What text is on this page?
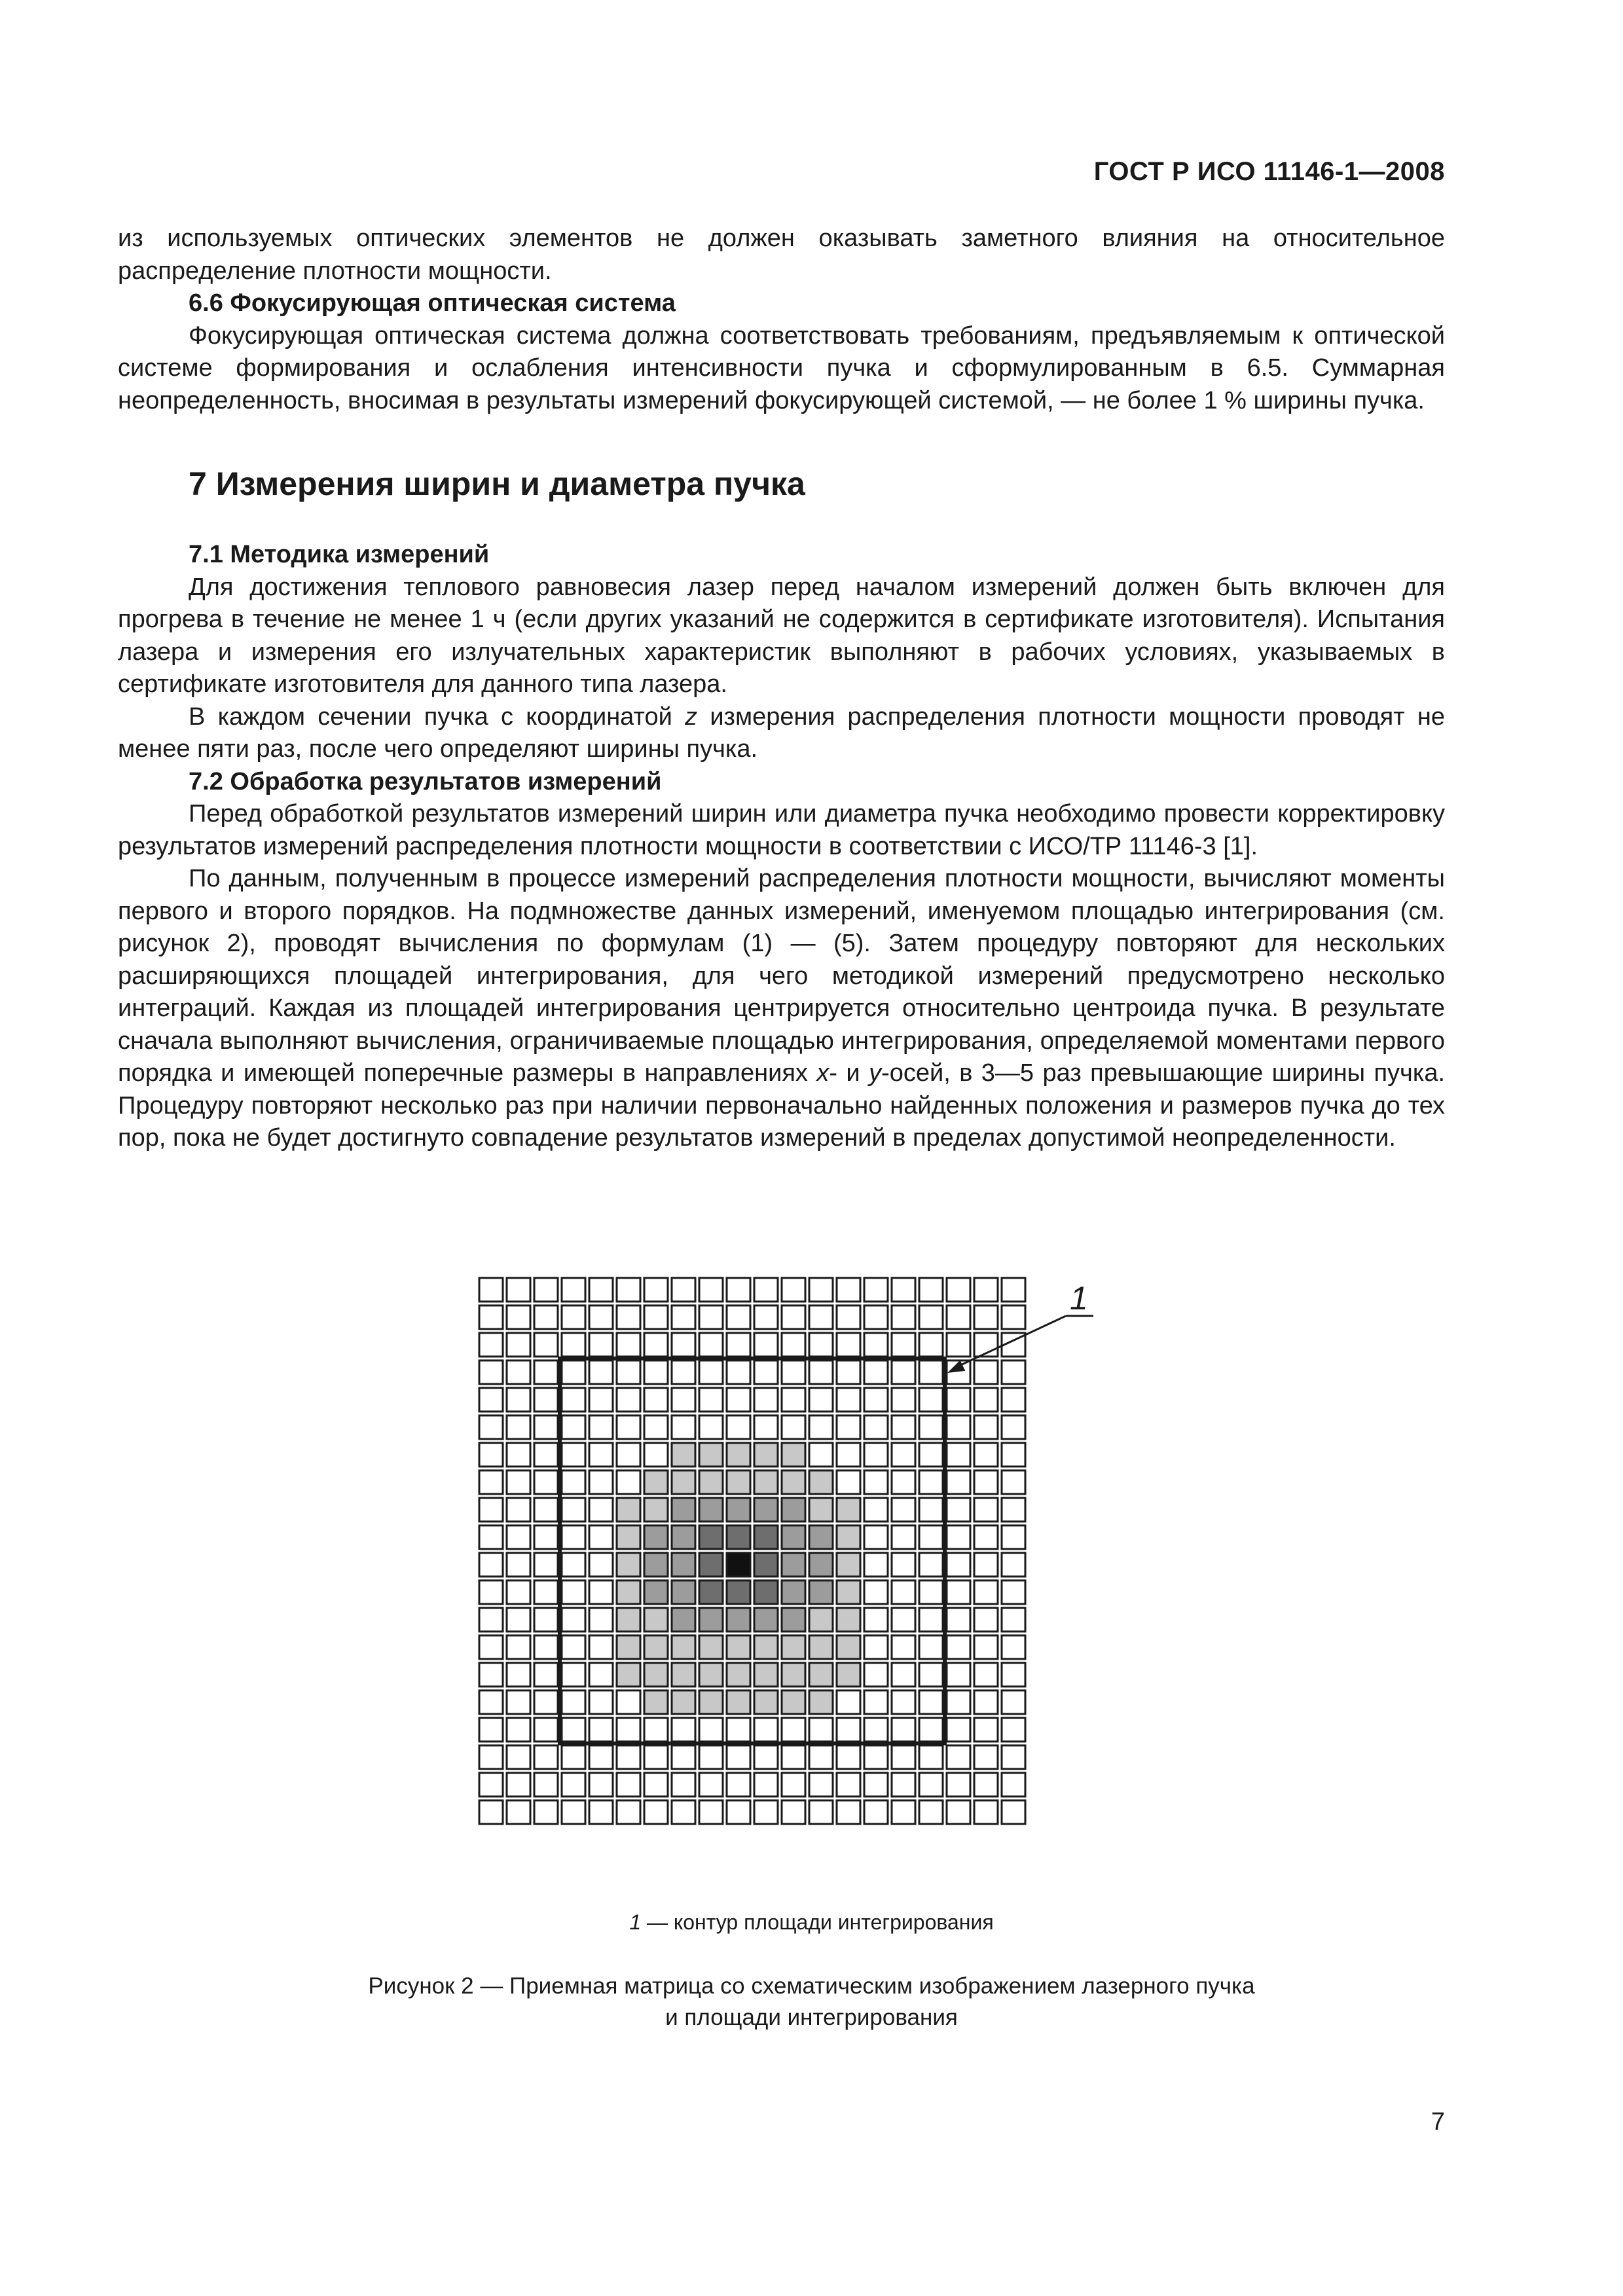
ГОСТ Р ИСО 11146-1—2008

из используемых оптических элементов не должен оказывать заметного влияния на относительное распределение плотности мощности.

6.6 Фокусирующая оптическая система

Фокусирующая оптическая система должна соответствовать требованиям, предъявляемым к оптической системе формирования и ослабления интенсивности пучка и сформулированным в 6.5. Суммарная неопределенность, вносимая в результаты измерений фокусирующей системой, — не более 1 % ширины пучка.

7 Измерения ширин и диаметра пучка

7.1 Методика измерений

Для достижения теплового равновесия лазер перед началом измерений должен быть включен для прогрева в течение не менее 1 ч (если других указаний не содержится в сертификате изготовителя). Испытания лазера и измерения его излучательных характеристик выполняют в рабочих условиях, указываемых в сертификате изготовителя для данного типа лазера.

В каждом сечении пучка с координатой z измерения распределения плотности мощности проводят не менее пяти раз, после чего определяют ширины пучка.

7.2 Обработка результатов измерений

Перед обработкой результатов измерений ширин или диаметра пучка необходимо провести корректировку результатов измерений распределения плотности мощности в соответствии с ИСО/ТР 11146-3 [1].

По данным, полученным в процессе измерений распределения плотности мощности, вычисляют моменты первого и второго порядков. На подмножестве данных измерений, именуемом площадью интегрирования (см. рисунок 2), проводят вычисления по формулам (1) — (5). Затем процедуру повторяют для нескольких расширяющихся площадей интегрирования, для чего методикой измерений предусмотрено несколько интеграций. Каждая из площадей интегрирования центрируется относительно центроида пучка. В результате сначала выполняют вычисления, ограничиваемые площадью интегрирования, определяемой моментами первого порядка и имеющей поперечные размеры в направлениях x- и y-осей, в 3—5 раз превышающие ширины пучка. Процедуру повторяют несколько раз при наличии первоначально найденных положения и размеров пучка до тех пор, пока не будет достигнуто совпадение результатов измерений в пределах допустимой неопределенности.

1
1 — контур площади интегрирования
Рисунок 2 — Приемная матрица со схематическим изображением лазерного пучка
и площади интегрирования
7
